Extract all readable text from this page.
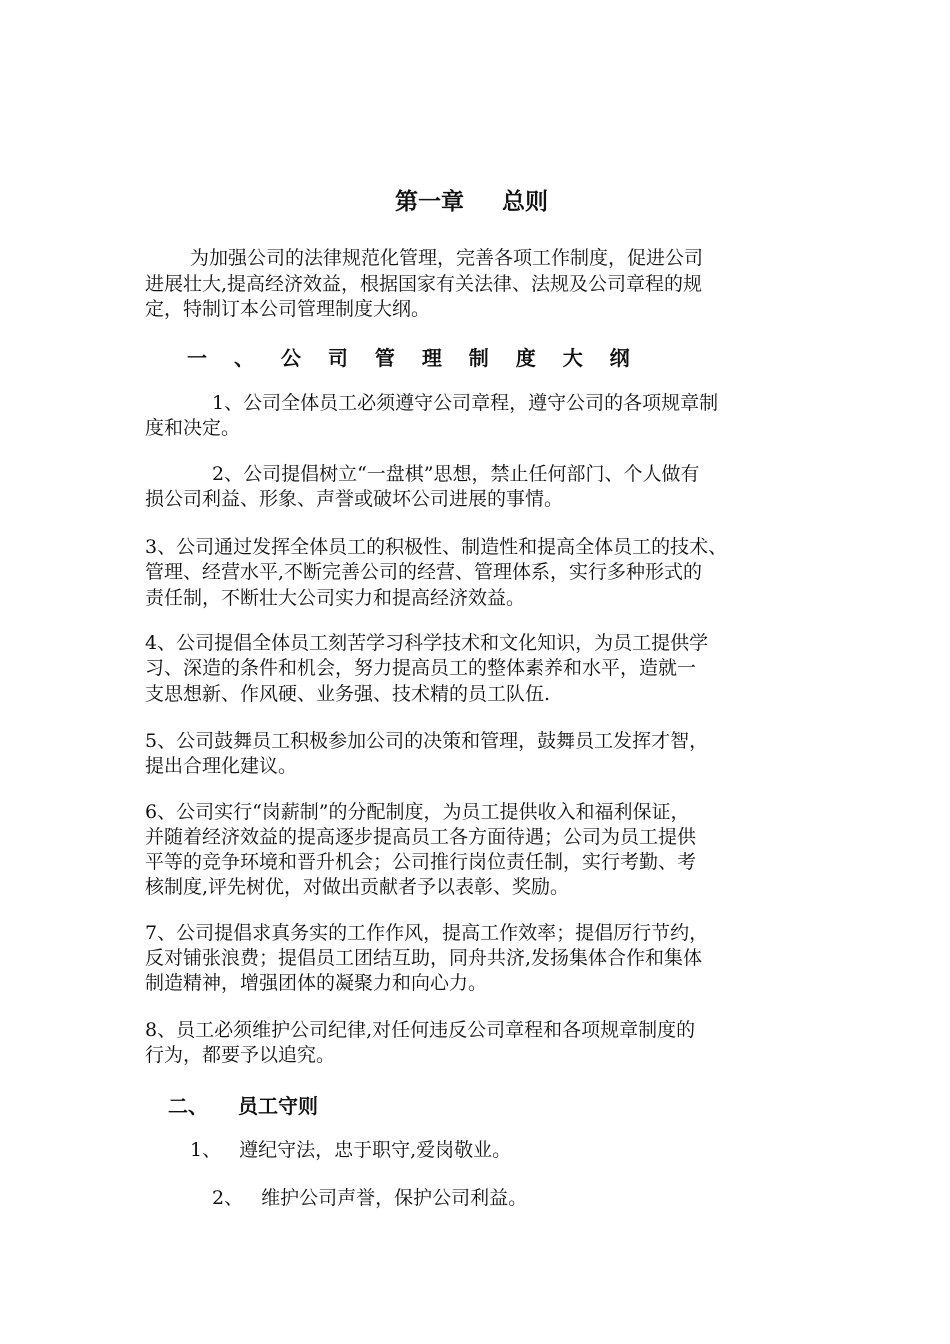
第一章 总则
为加强公司的法律规范化管理，完善各项工作制度，促进公司
进展壮大,提高经济效益，根据国家有关法律、法规及公司章程的规
定，特制订本公司管理制度大纲。
一 、 公 司 管 理 制 度 大 纲
1、公司全体员工必须遵守公司章程，遵守公司的各项规章制
度和决定。
2、公司提倡树立“一盘棋”思想，禁止任何部门、个人做有
损公司利益、形象、声誉或破坏公司进展的事情。
3、公司通过发挥全体员工的积极性、制造性和提高全体员工的技术、
管理、经营水平,不断完善公司的经营、管理体系，实行多种形式的
责任制，不断壮大公司实力和提高经济效益。
4、公司提倡全体员工刻苦学习科学技术和文化知识，为员工提供学
习、深造的条件和机会，努力提高员工的整体素养和水平，造就一
支思想新、作风硬、业务强、技术精的员工队伍.
5、公司鼓舞员工积极参加公司的决策和管理，鼓舞员工发挥才智，
提出合理化建议。
6、公司实行“岗薪制”的分配制度，为员工提供收入和福利保证，
并随着经济效益的提高逐步提高员工各方面待遇；公司为员工提供
平等的竞争环境和晋升机会；公司推行岗位责任制，实行考勤、考
核制度,评先树优，对做出贡献者予以表彰、奖励。
7、公司提倡求真务实的工作作风，提高工作效率；提倡厉行节约，
反对铺张浪费；提倡员工团结互助，同舟共济,发扬集体合作和集体
制造精神，增强团体的凝聚力和向心力。
8、员工必须维护公司纪律,对任何违反公司章程和各项规章制度的
行为，都要予以追究。
二、 员工守则
1、 遵纪守法，忠于职守,爱岗敬业。
2、 维护公司声誉，保护公司利益。
